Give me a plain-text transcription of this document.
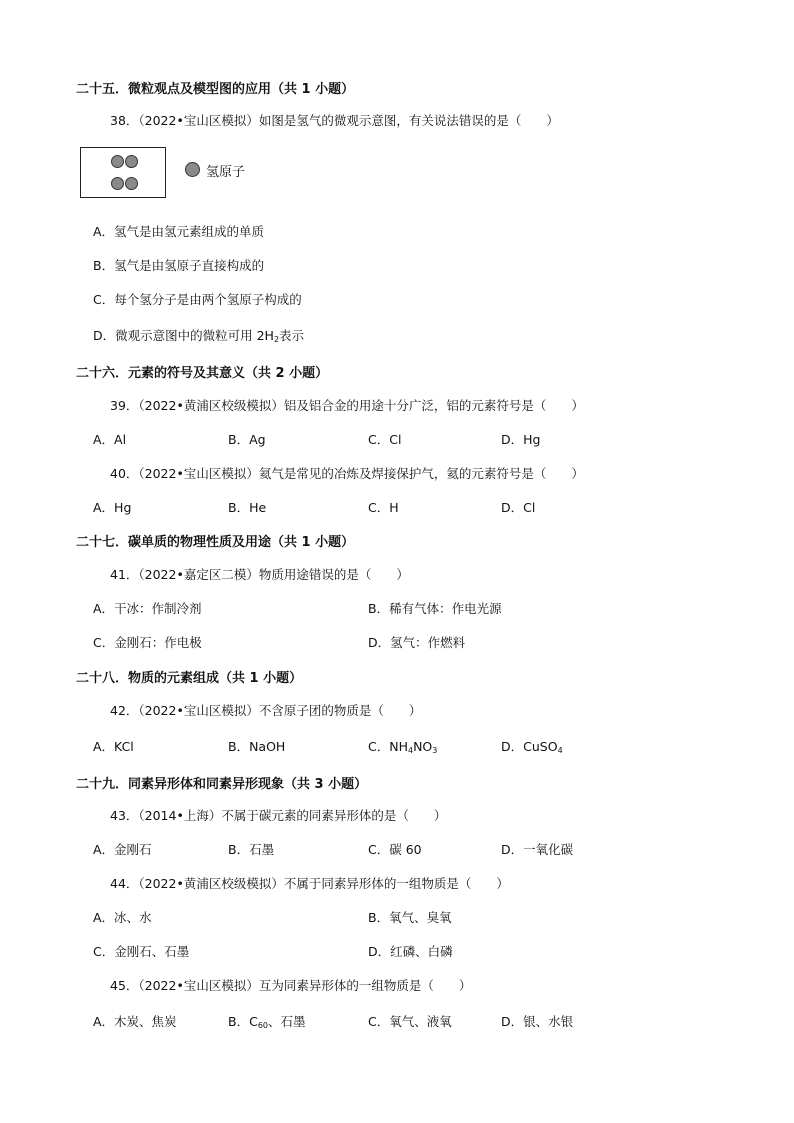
二十五．微粒观点及模型图的应用（共 1 小题）
38．（2022•宝山区模拟）如图是氢气的微观示意图，有关说法错误的是（　　）
氢原子
A．氢气是由氢元素组成的单质
B．氢气是由氢原子直接构成的
C．每个氢分子是由两个氢原子构成的
D．微观示意图中的微粒可用 $2H_2$表示
二十六．元素的符号及其意义（共 2 小题）
39．（2022•黄浦区校级模拟）铝及铝合金的用途十分广泛，铝的元素符号是（　　）
A．Al	B．Ag	C．Cl	D．Hg
40．（2022•宝山区模拟）氦气是常见的冶炼及焊接保护气，氦的元素符号是（　　）
A．Hg	B．He	C．H	D．Cl
二十七．碳单质的物理性质及用途（共 1 小题）
41．（2022•嘉定区二模）物质用途错误的是（　　）
A．干冰：作制冷剂	B．稀有气体：作电光源
C．金刚石：作电极	D．氢气：作燃料
二十八．物质的元素组成（共 1 小题）
42．（2022•宝山区模拟）不含原子团的物质是（　　）
A．KCl	B．NaOH	C．$NH_4NO_3$	D．CuSO$_4$
二十九．同素异形体和同素异形现象（共 3 小题）
43．（2014•上海）不属于碳元素的同素异形体的是（　　）
A．金刚石	B．石墨	C．碳 60	D．一氧化碳
44．（2022•黄浦区校级模拟）不属于同素异形体的一组物质是（　　）
A．冰、水	B．氧气、臭氧
C．金刚石、石墨	D．红磷、白磷
45．（2022•宝山区模拟）互为同素异形体的一组物质是（　　）
A．木炭、焦炭	B．$C_{60}$、石墨	C．氧气、液氧	D．银、水银
